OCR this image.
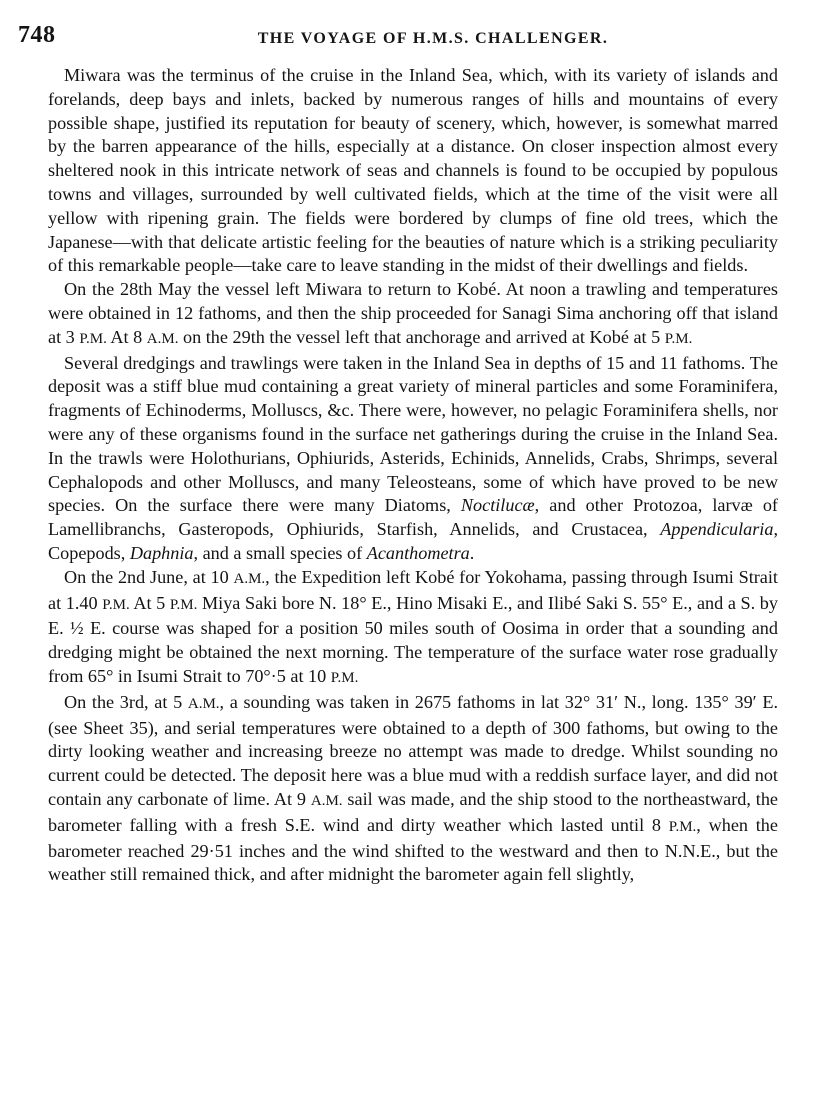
748	THE VOYAGE OF H.M.S. CHALLENGER.

Miwara was the terminus of the cruise in the Inland Sea, which, with its variety of islands and forelands, deep bays and inlets, backed by numerous ranges of hills and mountains of every possible shape, justified its reputation for beauty of scenery, which, however, is somewhat marred by the barren appearance of the hills, especially at a distance. On closer inspection almost every sheltered nook in this intricate network of seas and channels is found to be occupied by populous towns and villages, surrounded by well cultivated fields, which at the time of the visit were all yellow with ripening grain. The fields were bordered by clumps of fine old trees, which the Japanese—with that delicate artistic feeling for the beauties of nature which is a striking peculiarity of this remarkable people—take care to leave standing in the midst of their dwellings and fields.

On the 28th May the vessel left Miwara to return to Kobé. At noon a trawling and temperatures were obtained in 12 fathoms, and then the ship proceeded for Sanagi Sima anchoring off that island at 3 P.M. At 8 A.M. on the 29th the vessel left that anchorage and arrived at Kobé at 5 P.M.

Several dredgings and trawlings were taken in the Inland Sea in depths of 15 and 11 fathoms. The deposit was a stiff blue mud containing a great variety of mineral particles and some Foraminifera, fragments of Echinoderms, Molluscs, &c. There were, however, no pelagic Foraminifera shells, nor were any of these organisms found in the surface net gatherings during the cruise in the Inland Sea. In the trawls were Holothurians, Ophiurids, Asterids, Echinids, Annelids, Crabs, Shrimps, several Cephalopods and other Molluscs, and many Teleosteans, some of which have proved to be new species. On the surface there were many Diatoms, Noctilucæ, and other Protozoa, larvæ of Lamellibranchs, Gasteropods, Ophiurids, Starfish, Annelids, and Crustacea, Appendicularia, Copepods, Daphnia, and a small species of Acanthometra.

On the 2nd June, at 10 A.M., the Expedition left Kobé for Yokohama, passing through Isumi Strait at 1.40 P.M. At 5 P.M. Miya Saki bore N. 18° E., Hino Misaki E., and Ilibé Saki S. 55° E., and a S. by E. ½ E. course was shaped for a position 50 miles south of Oosima in order that a sounding and dredging might be obtained the next morning. The temperature of the surface water rose gradually from 65° in Isumi Strait to 70°·5 at 10 P.M.

On the 3rd, at 5 A.M., a sounding was taken in 2675 fathoms in lat 32° 31′ N., long. 135° 39′ E. (see Sheet 35), and serial temperatures were obtained to a depth of 300 fathoms, but owing to the dirty looking weather and increasing breeze no attempt was made to dredge. Whilst sounding no current could be detected. The deposit here was a blue mud with a reddish surface layer, and did not contain any carbonate of lime. At 9 A.M. sail was made, and the ship stood to the northeastward, the barometer falling with a fresh S.E. wind and dirty weather which lasted until 8 P.M., when the barometer reached 29·51 inches and the wind shifted to the westward and then to N.N.E., but the weather still remained thick, and after midnight the barometer again fell slightly,
